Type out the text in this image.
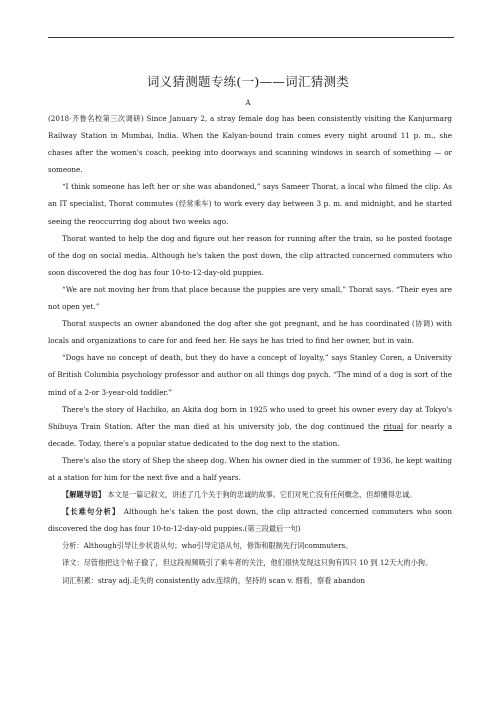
词义猜测题专练(一)——词汇猜测类
A

(2018·齐鲁名校第三次调研) Since January 2, a stray female dog has been consistently visiting the Kanjurmarg Railway Station in Mumbai, India. When the Kalyan-bound train comes every night around 11 p. m., she chases after the women's coach, peeking into doorways and scanning windows in search of something — or someone.

“I think someone has left her or she was abandoned,” says Sameer Thorat, a local who filmed the clip. As an IT specialist, Thorat commutes (经常乘车) to work every day between 3 p. m. and midnight, and he started seeing the reoccurring dog about two weeks ago.

Thorat wanted to help the dog and figure out her reason for running after the train, so he posted footage of the dog on social media. Although he's taken the post down, the clip attracted concerned commuters who soon discovered the dog has four 10-to-12-day-old puppies.

“We are not moving her from that place because the puppies are very small,” Thorat says. “Their eyes are not open yet.”

Thorat suspects an owner abandoned the dog after she got pregnant, and he has coordinated (协调) with locals and organizations to care for and feed her. He says he has tried to find her owner, but in vain.

“Dogs have no concept of death, but they do have a concept of loyalty,” says Stanley Coren, a University of British Columbia psychology professor and author on all things dog psych. “The mind of a dog is sort of the mind of a 2-or 3-year-old toddler.”

There's the story of Hachiko, an Akita dog born in 1925 who used to greet his owner every day at Tokyo's Shibuya Train Station. After the man died at his university job, the dog continued the ritual for nearly a decade. Today, there's a popular statue dedicated to the dog next to the station.

There's also the story of Shep the sheep dog. When his owner died in the summer of 1936, he kept waiting at a station for him for the next five and a half years.

【解题导语】 本文是一篇记叙文，讲述了几个关于狗的忠诚的故事。它们对死亡没有任何概念，但却懂得忠诚。

【长难句分析】 Although he's taken the post down, the clip attracted concerned commuters who soon discovered the dog has four 10-to-12-day-old puppies.(第三段最后一句)

分析：Although引导让步状语从句；who引导定语从句，修饰和限制先行词commuters。

译文：尽管他把这个帖子撤了，但这段视频吸引了乘车者的关注，他们很快发现这只狗有四只 10 到 12天大的小狗。

词汇积累：stray adj.走失的 consistently adv.连续的，坚持的 scan v. 细看，察看 abandon
